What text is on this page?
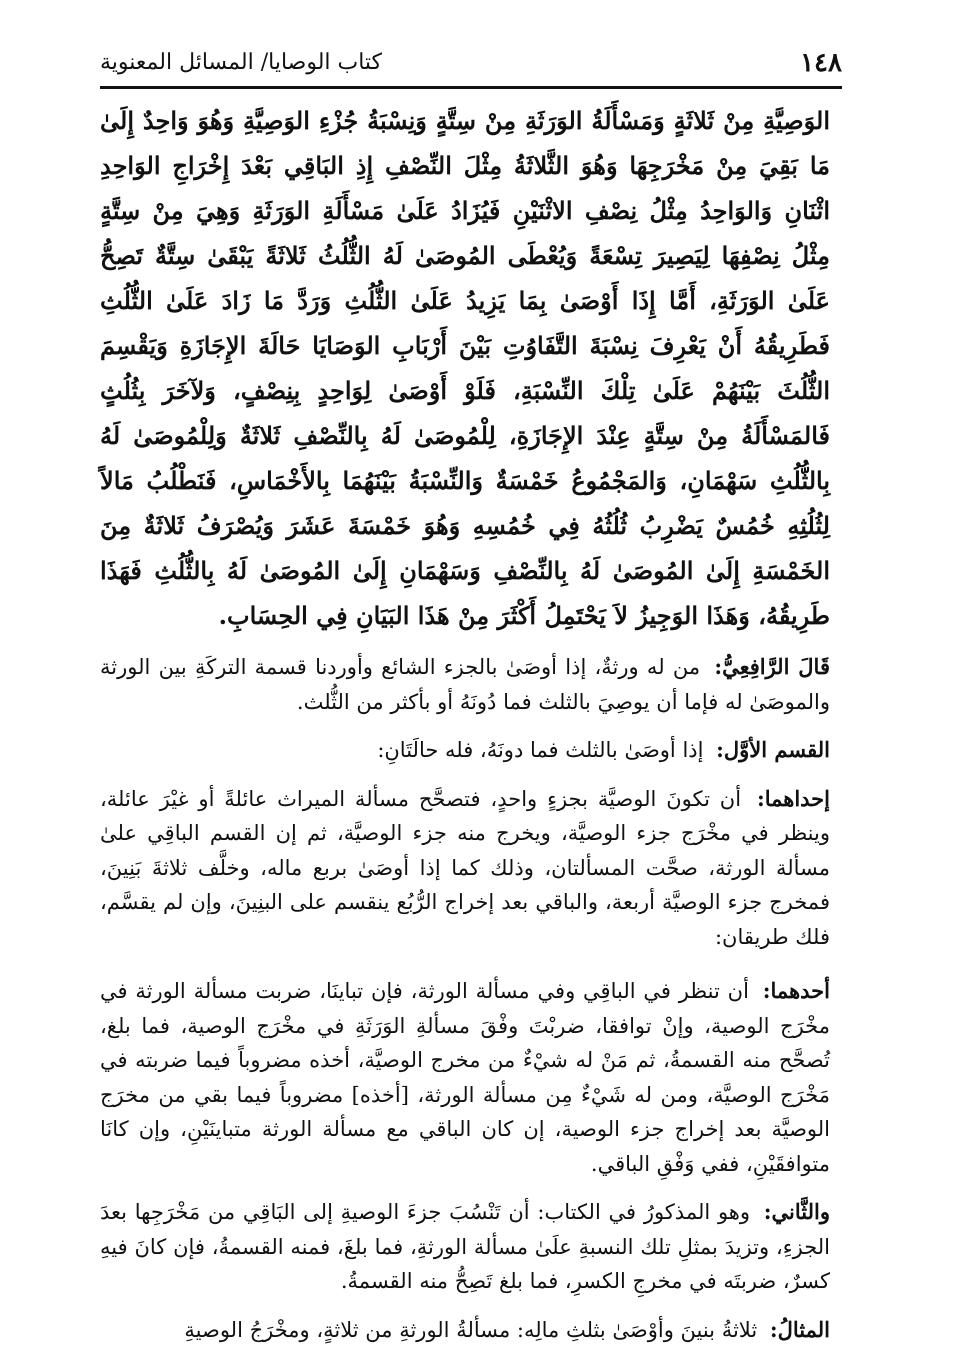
١٤٨
كتاب الوصايا/ المسائل المعنوية

الوَصِيَّةِ مِنْ ثَلاثَةٍ وَمَسْأَلَةُ الوَرَثَةِ مِنْ سِتَّةٍ وَنِسْبَةُ جُزْءِ الوَصِيَّةِ وَهُوَ وَاحِدٌ إِلَىٰ مَا بَقِيَ مِنْ مَخْرَجِهَا وَهُوَ الثَّلاثَةُ مِثْلَ النِّصْفِ إِذِ البَاقِي بَعْدَ إِخْرَاجِ الوَاحِدِ اثْنَانِ وَالوَاحِدُ مِثْلُ نِصْفِ الاثْنَيْنِ فَيُزَادُ عَلَىٰ مَسْأَلَةِ الوَرَثَةِ وَهِيَ مِنْ سِتَّةٍ مِثْلُ نِصْفِهَا لِيَصِيرَ تِسْعَةً وَيُعْطَى المُوصَىٰ لَهُ الثُّلُثُ ثَلاثَةً يَبْقَىٰ سِتَّةٌ تَصِحُّ عَلَىٰ الوَرَثَةِ، أَمَّا إِذَا أَوْصَىٰ بِمَا يَزِيدُ عَلَىٰ الثُّلُثِ وَرَدَّ مَا زَادَ عَلَىٰ الثُّلُثِ فَطَرِيقُهُ أَنْ يَعْرِفَ نِسْبَةَ التَّفَاوُتِ بَيْنَ أَرْبَابِ الوَصَايَا حَالَةَ الإِجَازَةِ وَيَقْسِمَ الثُّلُثَ بَيْنَهُمْ عَلَىٰ تِلْكَ النِّسْبَةِ، فَلَوْ أَوْصَىٰ لِوَاحِدٍ بِنِصْفٍ، وَلآخَرَ بِثُلُثٍ فَالمَسْأَلَةُ مِنْ سِتَّةٍ عِنْدَ الإِجَازَةِ، لِلْمُوصَىٰ لَهُ بِالنِّصْفِ ثَلاثَةٌ وَلِلْمُوصَىٰ لَهُ بِالثُّلُثِ سَهْمَانِ، وَالمَجْمُوعُ خَمْسَةٌ وَالنِّسْبَةُ بَيْنَهُمَا بِالأَخْمَاسِ، فَنَطْلُبُ مَالاً لِثُلُثِهِ خُمُسٌ يَضْرِبُ ثُلُثُهُ فِي خُمُسِهِ وَهُوَ خَمْسَةَ عَشَرَ وَيُصْرَفُ ثَلاثَةٌ مِنَ الخَمْسَةِ إِلَىٰ المُوصَىٰ لَهُ بِالنِّصْفِ وَسَهْمَانِ إِلَىٰ المُوصَىٰ لَهُ بِالثُّلُثِ فَهَذَا طَرِيقُهُ، وَهَذَا الوَجِيزُ لاَ يَحْتَمِلُ أَكْثَرَ مِنْ هَذَا البَيَانِ فِي الحِسَابِ.

قَالَ الرَّافِعِيُّ: من له ورثةٌ، إذا أوصَىٰ بالجزء الشائع وأوردنا قسمة التركَةِ بين الورثة والموصَىٰ له فإما أن يوصِيَ بالثلث فما دُونَهُ أو بأكثر من الثُّلث.

القسم الأوَّل: إذا أوصَىٰ بالثلث فما دونَهُ، فله حالَتَانِ:

إحداهما: أن تكونَ الوصيَّة بجزءٍ واحدٍ، فتصحَّح مسألة الميراث عائلةً أو غيْرَ عائلة، وينظر في مخْرَج جزء الوصيَّة، ويخرج منه جزء الوصيَّة، ثم إن القسم الباقِي علىٰ مسألة الورثة، صحَّت المسألتان، وذلك كما إذا أوصَىٰ بربع ماله، وخلَّف ثلاثةَ بَنِينَ، فمخرج جزء الوصيَّة أربعة، والباقي بعد إخراج الرُّبُع ينقسم على البنِينَ، وإن لم يقسَّم، فلك طريقان:

أحدهما: أن تنظر في الباقِي وفي مسألة الورثة، فإن تباينَا، ضربت مسألة الورثة في مخْرَج الوصية، وإنْ توافقا، ضربْتَ وفْقَ مسألةِ الوَرَثَةِ في مخْرَج الوصية، فما بلغ، تُصحَّح منه القسمةُ، ثم مَنْ له شيْءٌ من مخرج الوصيَّة، أخذه مضروباً فيما ضربته في مَخْرَج الوصيَّة، ومن له شَيْءٌ مِن مسألة الورثة، [أخذه] مضروباً فيما بقي من مخرَج الوصيَّة بعد إخراج جزء الوصية، إن كان الباقي مع مسألة الورثة متباينَيْنِ، وإن كانَا متوافقَيْنِ، ففي وَفْقِ الباقي.

والثَّاني: وهو المذكورُ في الكتاب: أن تَنْسُبَ جزءَ الوصيةِ إلى البَاقِي من مَخْرَجِها بعدَ الجزءِ، وتزيدَ بمثلِ تلك النسبةِ علَىٰ مسألة الورثةِ، فما بلغَ، فمنه القسمةُ، فإن كانَ فيهِ كسرٌ، ضربتَه في مخرجِ الكسرِ، فما بلغ تَصِحُّ منه القسمةُ.

المثالُ: ثلاثةُ بنينَ وأوْصَىٰ بثلثِ مالِه: مسألةُ الورثةِ من ثلاثةٍ، ومخْرَجُ الوصيةِ
